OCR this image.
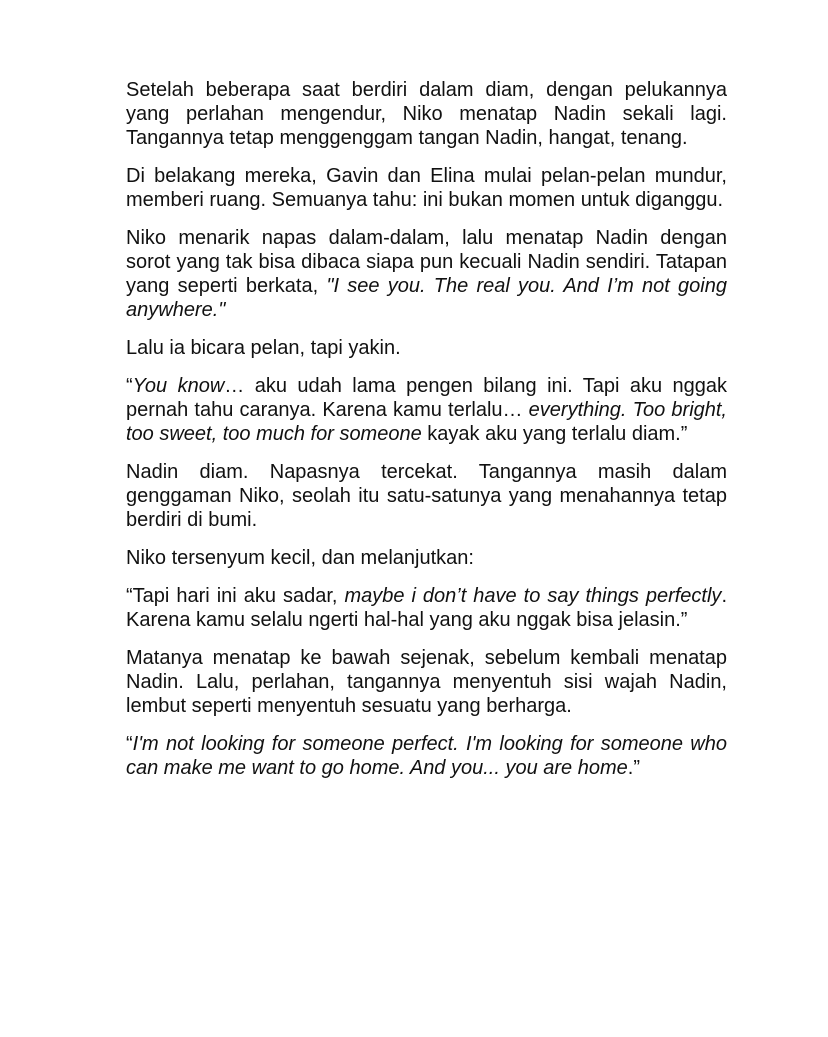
Setelah beberapa saat berdiri dalam diam, dengan pelukannya yang perlahan mengendur, Niko menatap Nadin sekali lagi. Tangannya tetap menggenggam tangan Nadin, hangat, tenang.

Di belakang mereka, Gavin dan Elina mulai pelan-pelan mundur, memberi ruang. Semuanya tahu: ini bukan momen untuk diganggu.

Niko menarik napas dalam-dalam, lalu menatap Nadin dengan sorot yang tak bisa dibaca siapa pun kecuali Nadin sendiri. Tatapan yang seperti berkata, "I see you. The real you. And I’m not going anywhere."

Lalu ia bicara pelan, tapi yakin.

“You know… aku udah lama pengen bilang ini. Tapi aku nggak pernah tahu caranya. Karena kamu terlalu… everything. Too bright, too sweet, too much for someone kayak aku yang terlalu diam.”

Nadin diam. Napasnya tercekat. Tangannya masih dalam genggaman Niko, seolah itu satu-satunya yang menahannya tetap berdiri di bumi.

Niko tersenyum kecil, dan melanjutkan:

“Tapi hari ini aku sadar, maybe i don’t have to say things perfectly. Karena kamu selalu ngerti hal-hal yang aku nggak bisa jelasin.”

Matanya menatap ke bawah sejenak, sebelum kembali menatap Nadin. Lalu, perlahan, tangannya menyentuh sisi wajah Nadin, lembut seperti menyentuh sesuatu yang berharga.

“I'm not looking for someone perfect. I'm looking for someone who can make me want to go home. And you... you are home.”
